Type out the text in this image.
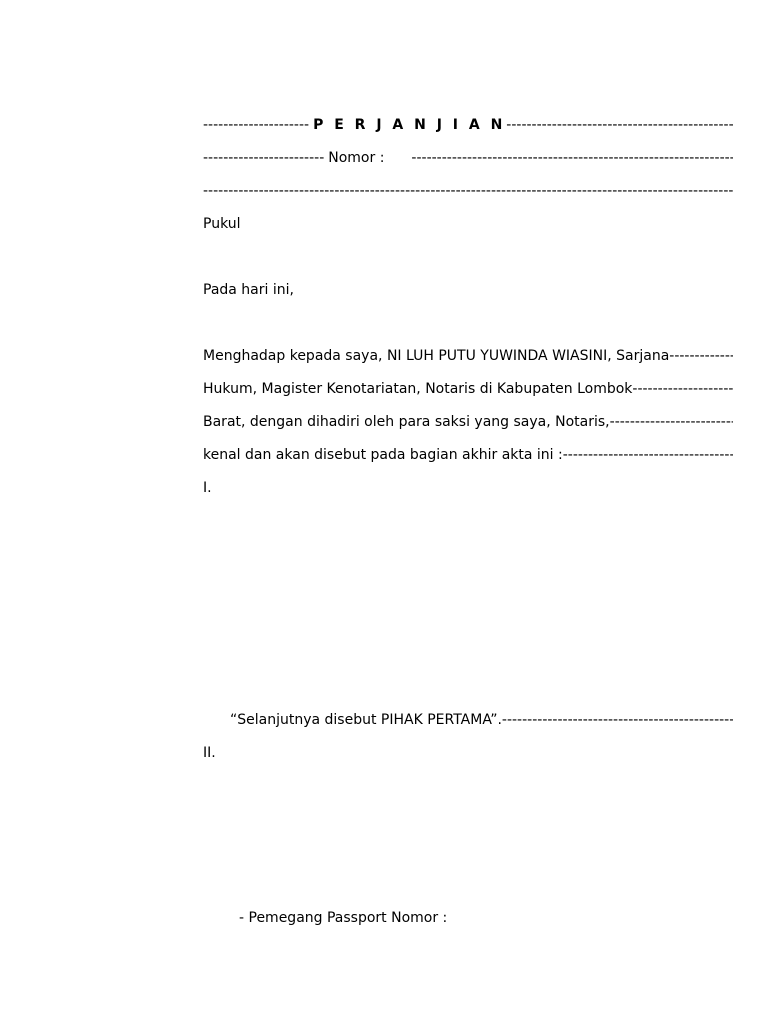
--------------------- P E R J A N J I A N
-----
------------------------ Nomor :
-----
-----
Pukul
Pada hari ini,
Menghadap kepada saya, NI LUH PUTU YUWINDA WIASINI, Sarjana
-----
Hukum, Magister Kenotariatan, Notaris di Kabupaten Lombok
-----
Barat, dengan dihadiri oleh para saksi yang saya, Notaris,
-----
kenal dan akan disebut pada bagian akhir akta ini :
-----
I.
“Selanjutnya disebut PIHAK PERTAMA”.
-----
II.
- Pemegang Passport Nomor :
